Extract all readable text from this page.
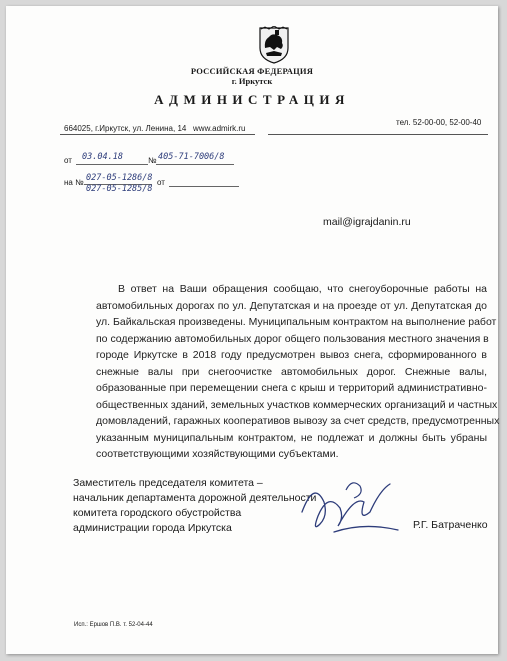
РОССИЙСКАЯ ФЕДЕРАЦИЯ
г. Иркутск
АДМИНИСТРАЦИЯ
664025, г.Иркутск, ул. Ленина, 14   www.admirk.ru
тел. 52-00-00, 52-00-40
от 03.04.18	№ 405-71-7006/8
на № 027-05-1286/8
027-05-1285/8
от
mail@igrajdanin.ru
В ответ на Ваши обращения сообщаю, что снегоуборочные работы на
автомобильных дорогах по ул. Депутатская и на проезде от ул. Депутатская до
ул. Байкальская произведены. Муниципальным контрактом на выполнение работ
по содержанию автомобильных дорог общего пользования местного значения в
городе Иркутске в 2018 году предусмотрен вывоз снега, сформированного в
снежные валы при снегоочистке автомобильных дорог. Снежные валы,
образованные при перемещении снега с крыш и территорий административно-
общественных зданий, земельных участков коммерческих организаций и частных
домовладений, гаражных кооперативов вывозу за счет средств, предусмотренных
указанным муниципальным контрактом, не подлежат и должны быть убраны
соответствующими хозяйствующими субъектами.
Заместитель председателя комитета –
начальник департамента дорожной деятельности
комитета городского обустройства
администрации города Иркутска	Р.Г. Батраченко
Исп.: Ершов П.В. т. 52-04-44
